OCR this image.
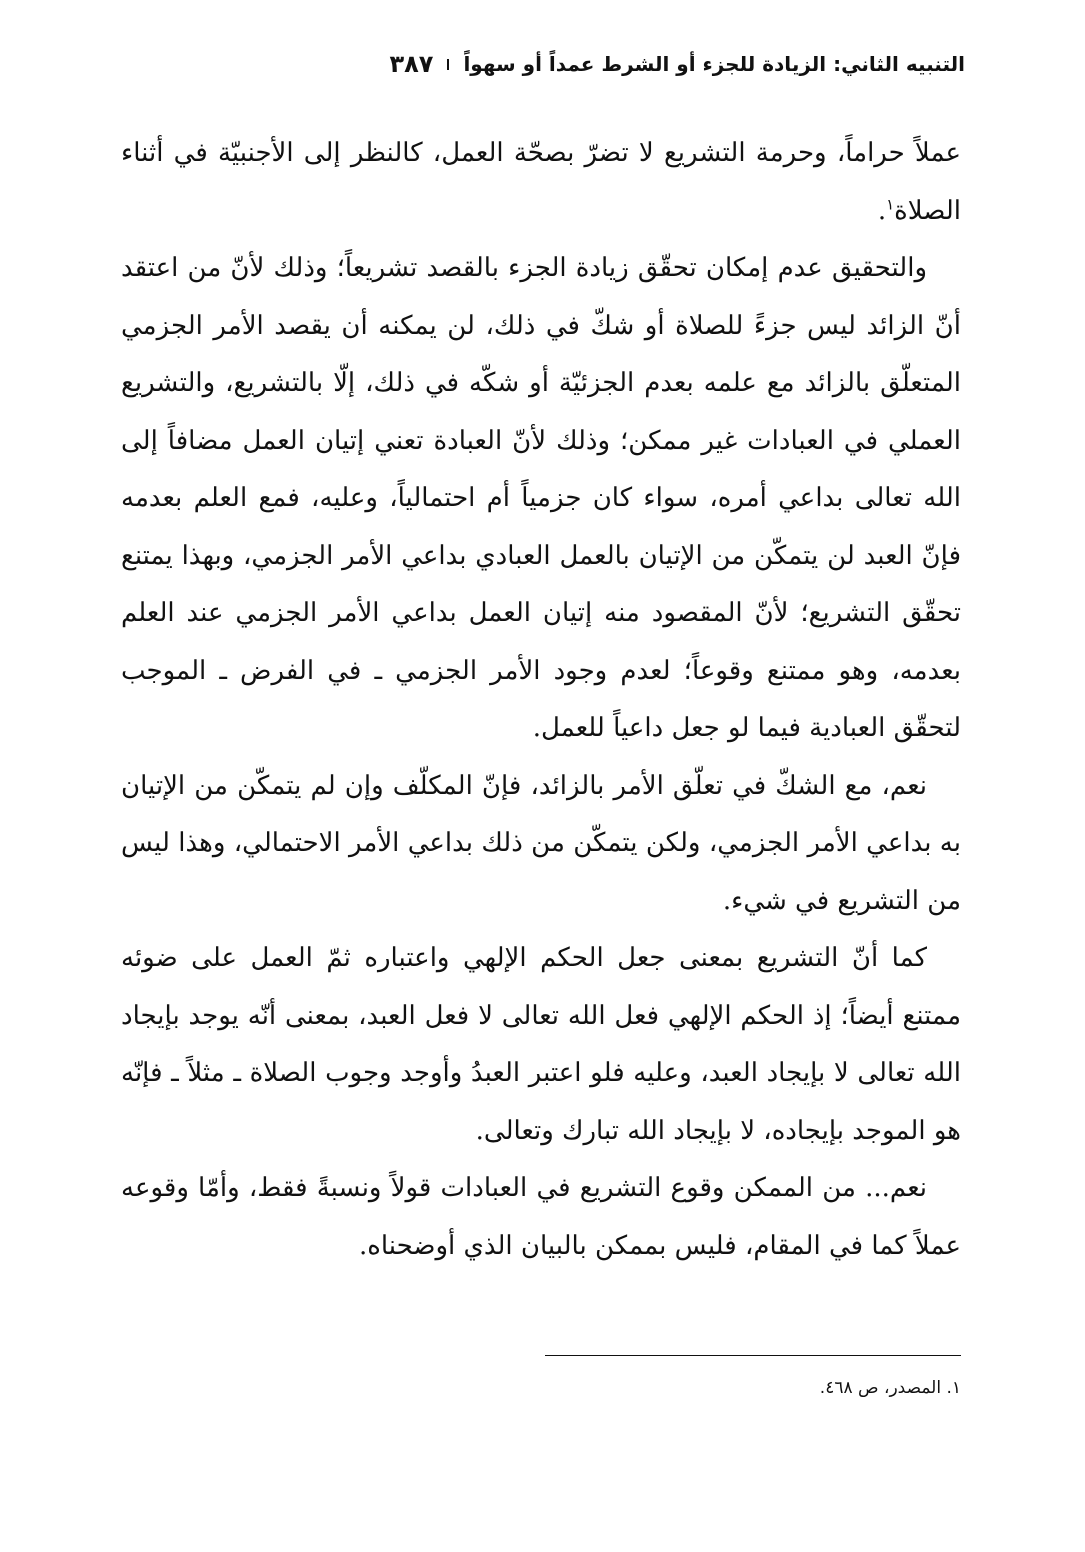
التنبيه الثاني: الزيادة للجزء أو الشرط عمداً أو سهواً
٣٨٧

عملاً حراماً، وحرمة التشريع لا تضرّ بصحّة العمل، كالنظر إلى الأجنبيّة في أثناء الصلاة$^١$.

والتحقيق عدم إمكان تحقّق زيادة الجزء بالقصد تشريعاً؛ وذلك لأنّ من اعتقد أنّ الزائد ليس جزءً للصلاة أو شكّ في ذلك، لن يمكنه أن يقصد الأمر الجزمي المتعلّق بالزائد مع علمه بعدم الجزئيّة أو شكّه في ذلك، إلّا بالتشريع، والتشريع العملي في العبادات غير ممكن؛ وذلك لأنّ العبادة تعني إتيان العمل مضافاً إلى الله تعالى بداعي أمره، سواء كان جزمياً أم احتمالياً، وعليه، فمع العلم بعدمه فإنّ العبد لن يتمكّن من الإتيان بالعمل العبادي بداعي الأمر الجزمي، وبهذا يمتنع تحقّق التشريع؛ لأنّ المقصود منه إتيان العمل بداعي الأمر الجزمي عند العلم بعدمه، وهو ممتنع وقوعاً؛ لعدم وجود الأمر الجزمي ـ في الفرض ـ الموجب لتحقّق العبادية فيما لو جعل داعياً للعمل.

نعم، مع الشكّ في تعلّق الأمر بالزائد، فإنّ المكلّف وإن لم يتمكّن من الإتيان به بداعي الأمر الجزمي، ولكن يتمكّن من ذلك بداعي الأمر الاحتمالي، وهذا ليس من التشريع في شيء.

كما أنّ التشريع بمعنى جعل الحكم الإلهي واعتباره ثمّ العمل على ضوئه ممتنع أيضاً؛ إذ الحكم الإلهي فعل الله تعالى لا فعل العبد، بمعنى أنّه يوجد بإيجاد الله تعالى لا بإيجاد العبد، وعليه فلو اعتبر العبدُ وأوجد وجوب الصلاة ـ مثلاً ـ فإنّه هو الموجد بإيجاده، لا بإيجاد الله تبارك وتعالى.

نعم... من الممكن وقوع التشريع في العبادات قولاً ونسبةً فقط، وأمّا وقوعه عملاً كما في المقام، فليس بممكن بالبيان الذي أوضحناه.

١. المصدر، ص ٤٦٨.
